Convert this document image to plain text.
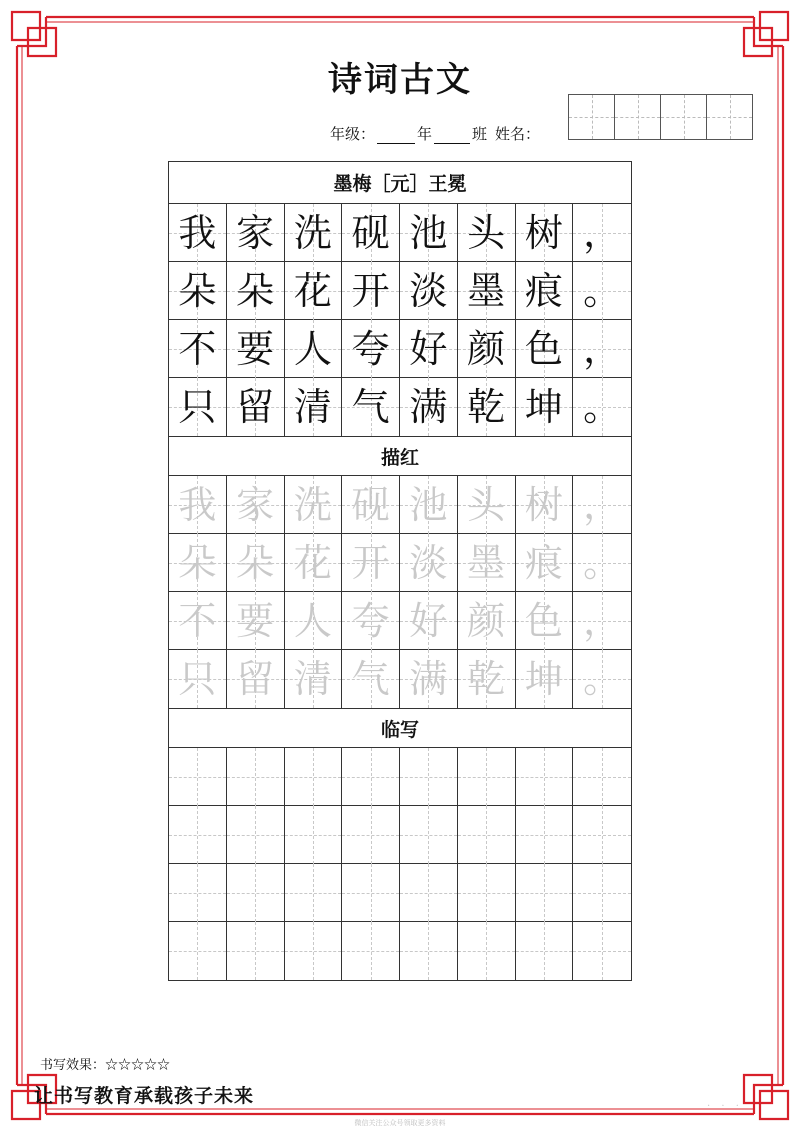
诗词古文
年级：	年	班 姓名：
墨梅［元］王冕
我 家 洗 砚 池 头 树 ，
朵 朵 花 开 淡 墨 痕 。
不 要 人 夸 好 颜 色 ，
只 留 清 气 满 乾 坤 。
描红
我 家 洗 砚 池 头 树 ，
朵 朵 花 开 淡 墨 痕 。
不 要 人 夸 好 颜 色 ，
只 留 清 气 满 乾 坤 。
临写
书写效果：☆☆☆☆☆
让书写教育承载孩子未来	· · ·
微信关注公众号领取更多资料
